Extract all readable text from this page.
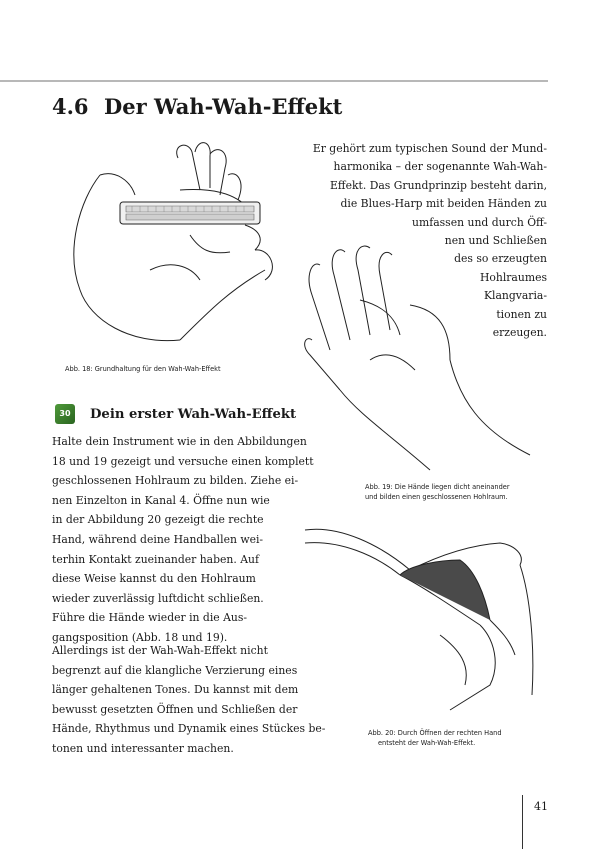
4.6 Der Wah-Wah-Effekt
Er gehört zum typischen Sound der Mund-
harmonika – der sogenannte Wah-Wah-
Effekt. Das Grundprinzip besteht darin,
die Blues-Harp mit beiden Händen zu
umfassen und durch Öff-
nen und Schließen
des so erzeugten
Hohlraumes
Klangvaria-
tionen zu
erzeugen.
Abb. 18: Grundhaltung für den Wah-Wah-Effekt
Abb. 19: Die Hände liegen dicht aneinander
und bilden einen geschlossenen Hohlraum.
Abb. 20: Durch Öffnen der rechten Hand
entsteht der Wah-Wah-Effekt.
30	Dein erster Wah-Wah-Effekt
Halte dein Instrument wie in den Abbildungen
18 und 19 gezeigt und versuche einen komplett
geschlossenen Hohlraum zu bilden. Ziehe ei-
nen Einzelton in Kanal 4. Öffne nun wie
in der Abbildung 20 gezeigt die rechte
Hand, während deine Handballen wei-
terhin Kontakt zueinander haben. Auf
diese Weise kannst du den Hohlraum
wieder zuverlässig luftdicht schließen.
Führe die Hände wieder in die Aus-
gangsposition (Abb. 18 und 19).
Allerdings ist der Wah-Wah-Effekt nicht
begrenzt auf die klangliche Verzierung eines
länger gehaltenen Tones. Du kannst mit dem
bewusst gesetzten Öffnen und Schließen der
Hände, Rhythmus und Dynamik eines Stückes be-
tonen und interessanter machen.
41
